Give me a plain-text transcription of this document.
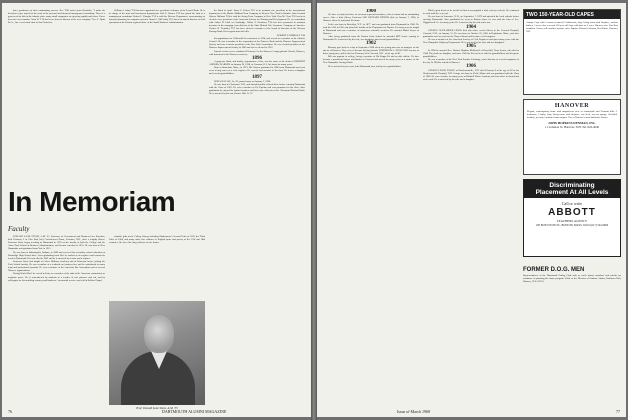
three gentlemen on their outstanding success. Rev T'08 writes from Honolulu: "I made the decision to give myself to the work of the personal and financial management consulting. There is a great need for this in the islands where many small companies are growing rapidly and where I have been for a few months. Oscar D. T'10 has been elected a director of the new company." Rev. F. Hyatt & Co., Inc. a real estate firm of San Francisco.

William A. Johns T'56 has been appointed vice president of finance of the Lowell Bank. He is in charge of the trust and investment departments. Paul E. Kasten T'59 has joined the firm as a management consultant. Robert L. Douglas T'59 is with the Defense Department, concentrating on financial planning for computer systems. Stuart G. McCarthy T'61 has been named director of field operations at the Boston regional office of the Small Business Administration.

the Bank in April. Vance P. Eckert T'63 is an assistant vice president in the international department of the Marine Midland Trust Company of Western New York in Buffalo. John Leonard Warren Hallaran T'64 is with the Irving Trust Company in New York. Dan M. Clem T'65 has been elected a vice president of the American Society for Training and Development. He is a consultant with Arthur D. Little in Cambridge. Walter S. Woodrow T'66 has been promoted to assistant treasurer in the mortgage loan division of the State Mutual Life Assurance Company of America. Charles N. Trembley T'67 has been elected a member of the board of directors of the Western Savings Bank. Best regards from the hills.

ROBERT Y. KIMBALL T'48

his appointment in 1944 until his retirement in 1958, and served as a member of the Athletic Council. He was a member of the corporation of the Hanover Bank and the Hanover Improvement Society and was a former president of the Pine Park Association. He was elected president of the Hanover Improvement Society in 1945 and was re-elected in 1951.

Funeral services were conducted February 6 in the Hanover Congregational Church, Hanover, with interment in the Hanover cemetery.

1896

A gorgeous florid, and finally, acquaintance of his, was the cause of the death of HERBERT ANDREW WARREN on January 30, 1968, in Cranston, R.I., his home for many years.

Born in Stoneham, Mass., in 1873, Mr. Warren graduated in 1896 from Dartmouth and went on to a long career as a civil engineer. He was the last member of his class. He leaves a daughter and several grandchildren.

1897

HORACE HALE, Sr., 92, passed away on January 7, 1968.

He was born in Claremont, N.H., and attended public schools there before entering Dartmouth with the Class of 1897. He was a member of Psi Upsilon and was prominent in his class. After graduation he entered the lumber business and later was a director of the Claremont National Bank. He is survived by his son, Horace Hale Jr. '27.

In Memoriam
Faculty

DONALD LANE STONE, A.M. '35, Professor of Government and Business Law Emeritus, died February 3 in Glen Park (sic) Convalescent Home, Lebanon, N.H., after a lengthy illness. Professor Stone began teaching at Dartmouth in 1935 on the faculty of both the College and the Amos Tuck School of Business Administration, and became emeritus in 1955. He was born in New Hampshire and graduated from Yale in 1913.

He was born in Indianapolis, Indiana, in 1889 and received his secondary school education at Shortridge High School there. After graduating from Yale he worked as an engineer and returned to teach at Dartmouth. His wife died in 1962 and he is survived by a sister and a nephew.

Professor Stone had taught at Culver Military Academy and at Princeton before joining the Tuck School faculty. He was co-author of a textbook on business law and he contributed to many legal and professional journals. He was a member of the American Bar Association and of several Hanover organizations.

During World War I he served in Paris as a member of the staff of the American commission to negotiate peace. He is remembered by students as a teacher of rare patience and wit, and by colleagues for his unfailing courtesy and kindness. A memorial service was held in Rollins Chapel.

valuable gifts to the College library including Shakespeare's Second Folio of 1632, the Third Folio of 1664, and many other fine editions of English prose and poetry of the 17th and 18th centuries. He was a life-long collector of rare books.

Prof. Donald Lane Stone, A.M. '35
76	DARTMOUTH ALUMNI MAGAZINE

1900

We have recently lost three of our most respected members, each of whom had an outstanding career. After a brief illness, Professor LEE RICHARD DENNIS died on January 7, 1968, in Hanover where he had made his home.

Leslie was born in Brooklyn, N.Y., in 1877, and was graduated from Dartmouth in 1900. He took his A.M. in 1901 and joined the faculty of the Department of Physics. For forty years he taught at Dartmouth and was a member of numerous scientific societies. He married Mabel Keyes of Hanover.

After being graduated from the Boston Latin School he attended MIT before coming to Dartmouth. He is survived by his wife, two daughters and several grandchildren.

1902

Memory goes back to a day in September 1898 when two young men met as strangers on the streets of Hanover. They were to become lifelong friends. FREDERICK A. HOWLAND was one of those young men, and he died on February 24 in Concord, N.H., at the age of 88.

Bill was popular in college, being a member of Phi Kappa Psi and an able athlete. He later became a prominent lawyer and banker in Concord and served for many years as a trustee of the New Hampshire Savings Bank.

He is survived by two sons, both Dartmouth men, and by five grandchildren.

Dilek's great desire to be useful led him to accomplish a wide variety of deeds. He continued to work until the very end.

He was born in Lancaster, N.H., on September 7, 1879 and attended the local schools before entering Dartmouth. After graduation he went to Boston where he was with the firm of Lee, Higginson & Co. for many years. He is survived by his wife and a son.

1904

GEORGE ALEXANDER LEWIS died after three weeks illness in the Concord Hospital, Concord, N.H., on January 31. He was born on October 25, 1881 in Hopkinton, Mass., and after graduation went to work for the Thayer School and became a civil engineer.

He was a member of the American Society of Civil Engineers and spent many years with the New Hampshire Highway Department. He is survived by his wife and two daughters.

1905

In 1900 he married Rev. Herbert Hopkins McDowell of Haverhill, Nova Scotia, who died in 1944. They had one daughter, and since 1945 his life has been with his grandchildren and his great-grandchildren.

He was a member of the New York Produce Exchange, and a director of several companies in the city. In 1964 he retired to Hanover.

1906

GEORGE LEWIS TOWLE of Hendersonville, N.H. died February 8 at the age of 83 in the Hendersonville Hospital, N.H. George was born in Wells, Maine and was graduated with the Class of 1906. He was a teacher for many years at Kimball Union Academy and was active in church and civic work. He is survived by his wife and a daughter.

TWO 150-YEAR-OLD CAPES
Antique Cape with 5 rooms (restored) 2 bathrooms, large living room with fireplace, modern kitchen, 5 acres; also a second 150 year old Cape with barn on 3 acres. Hanover area. Excellent condition. Owner will consider separate sales. Inquire: Edward Coleman, Real Estate, Hanover, N.H.
HANOVER
Elegant, contemporary home with magnificent view of countryside and Vermont hills; 3 bedrooms, 2 baths, large living room with fireplace, sun deck, two-car garage. Secluded location, yet only 5 minutes from campus. One of Hanover's most distinctive homes.
JOHN HOPKINS DENMAN, INC.
11 Lebanon St. Hanover, N.H. Tel. 643-4040
Discriminating
Placement At All Levels
Call or write
ABBOTT
TEACHERS AGENCY
100 BOYLSTON ST., BOSTON, MASS. 02116 (617) 542-6960
FORMER D.O.G. MEN
Representatives of the Dartmouth Outing Club wish to reach former members and friends for assistance in planning the future program. Write to the Director of Outdoor Affairs, Robinson Hall, Hanover, N.H. 03755.
Issue of March 1968	77
